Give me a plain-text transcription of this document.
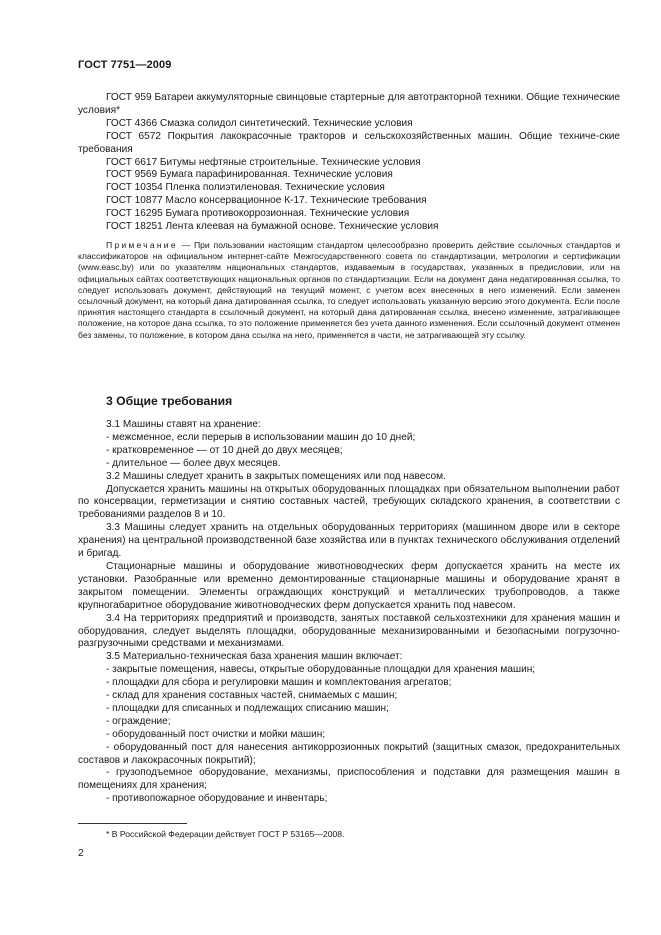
ГОСТ 7751—2009

ГОСТ 959 Батареи аккумуляторные свинцовые стартерные для автотракторной техники. Общие технические условия*

ГОСТ 4366 Смазка солидол синтетический. Технические условия

ГОСТ 6572 Покрытия лакокрасочные тракторов и сельскохозяйственных машин. Общие техниче-ские требования

ГОСТ 6617 Битумы нефтяные строительные. Технические условия

ГОСТ 9569 Бумага парафинированная. Технические условия

ГОСТ 10354 Пленка полиэтиленовая. Технические условия

ГОСТ 10877 Масло консервационное К-17. Технические требования

ГОСТ 16295 Бумага противокоррозионная. Технические условия

ГОСТ 18251 Лента клеевая на бумажной основе. Технические условия

Примечание — При пользовании настоящим стандартом целесообразно проверить действие ссылочных стандартов и классификаторов на официальном интернет-сайте Межгосударственного совета по стандартизации, метрологии и сертификации (www.easc.by) или по указателям национальных стандартов, издаваемым в государствах, указанных в предисловии, или на официальных сайтах соответствующих национальных органов по стандартизации. Если на документ дана недатированная ссылка, то следует использовать документ, действующий на текущий момент, с учетом всех внесенных в него изменений. Если заменен ссылочный документ, на который дана датированная ссылка, то следует использовать указанную версию этого документа. Если после принятия настоящего стандарта в ссылочный документ, на который дана датированная ссылка, внесено изменение, затрагивающее положение, на которое дана ссылка, то это положение применяется без учета данного изменения. Если ссылочный документ отменен без замены, то положение, в котором дана ссылка на него, применяется в части, не затрагивающей эту ссылку.

3 Общие требования

3.1 Машины ставят на хранение:

- межсменное, если перерыв в использовании машин до 10 дней;

- кратковременное — от 10 дней до двух месяцев;

- длительное — более двух месяцев.

3.2 Машины следует хранить в закрытых помещениях или под навесом.

Допускается хранить машины на открытых оборудованных площадках при обязательном выполнении работ по консервации, герметизации и снятию составных частей, требующих складского хранения, в соответствии с требованиями разделов 8 и 10.

3.3 Машины следует хранить на отдельных оборудованных территориях (машинном дворе или в секторе хранения) на центральной производственной базе хозяйства или в пунктах технического обслуживания отделений и бригад.

Стационарные машины и оборудование животноводческих ферм допускается хранить на месте их установки. Разобранные или временно демонтированные стационарные машины и оборудование хранят в закрытом помещении. Элементы ограждающих конструкций и металлических трубопроводов, а также крупногабаритное оборудование животноводческих ферм допускается хранить под навесом.

3.4 На территориях предприятий и производств, занятых поставкой сельхозтехники для хранения машин и оборудования, следует выделять площадки, оборудованные механизированными и безопасными погрузочно-разгрузочными средствами и механизмами.

3.5 Материально-техническая база хранения машин включает:

- закрытые помещения, навесы, открытые оборудованные площадки для хранения машин;

- площадки для сбора и регулировки машин и комплектования агрегатов;

- склад для хранения составных частей, снимаемых с машин;

- площадки для списанных и подлежащих списанию машин;

- ограждение;

- оборудованный пост очистки и мойки машин;

- оборудованный пост для нанесения антикоррозионных покрытий (защитных смазок, предохранительных составов и лакокрасочных покрытий);

- грузоподъемное оборудование, механизмы, приспособления и подставки для размещения машин в помещениях для хранения;

- противопожарное оборудование и инвентарь;

* В Российской Федерации действует ГОСТ Р 53165—2008.
2
